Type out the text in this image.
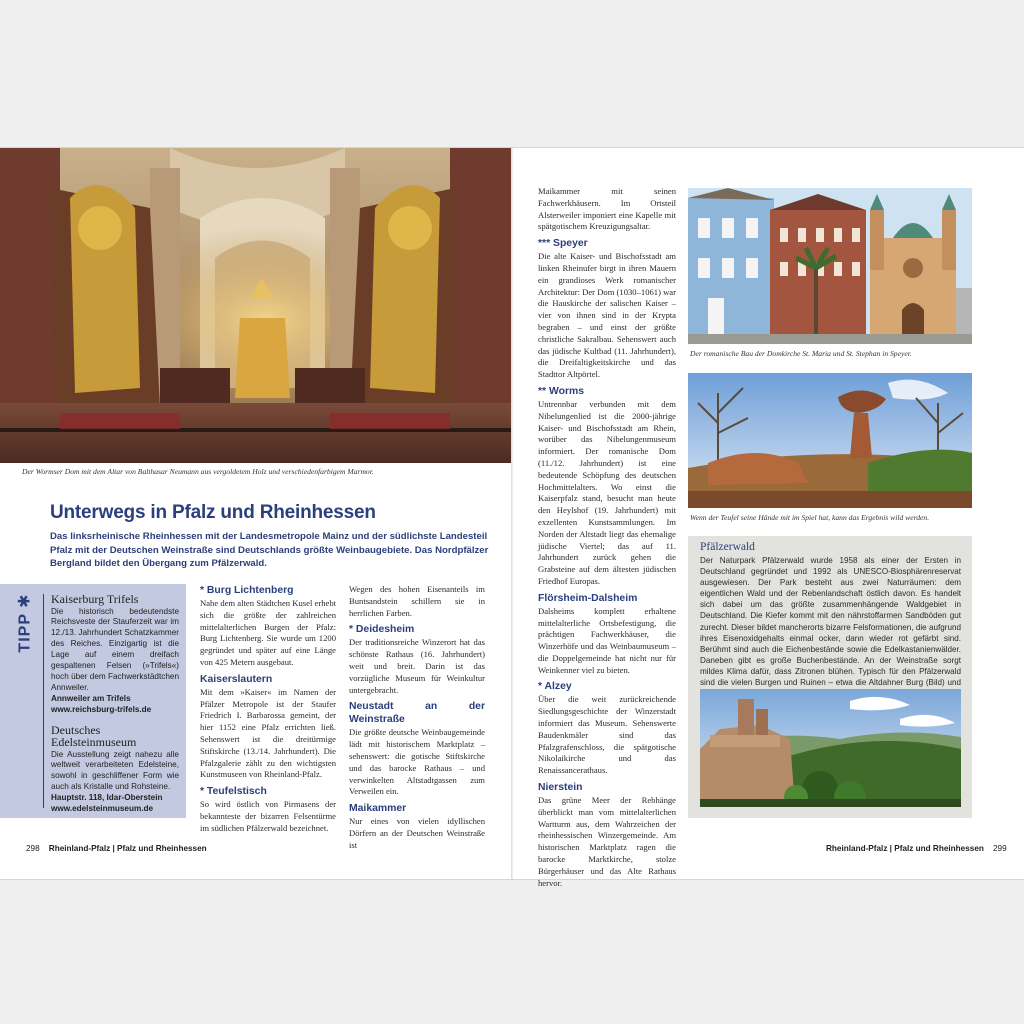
Der Wormser Dom mit dem Altar von Balthasar Neumann aus vergoldetem Holz und verschiedenfarbigem Marmor.
Unterwegs in Pfalz und Rheinhessen
Das linksrheinische Rheinhessen mit der Landesmetropole Mainz und der südlichste Landesteil Pfalz mit der Deutschen Weinstraße sind Deutschlands größte Weinbaugebiete. Das Nordpfälzer Bergland bildet den Übergang zum Pfälzerwald.
TIPP ✱ Kaiserburg Trifels
Die historisch bedeutendste Reichsveste der Stauferzeit war im 12./13. Jahrhundert Schatzkammer des Reiches. Einzigartig ist die Lage auf einem dreifach gespaltenen Felsen (»Trifels«) hoch über dem Fachwerkstädtchen Annweiler.
Annweiler am Trifels
www.reichsburg-trifels.de
Deutsches Edelsteinmuseum
Die Ausstellung zeigt nahezu alle weltweit verarbeiteten Edelsteine, sowohl in geschliffener Form wie auch als Kristalle und Rohsteine.
Hauptstr. 118, Idar-Oberstein
www.edelsteinmuseum.de
* Burg Lichtenberg

Nahe dem alten Städtchen Kusel erhebt sich die größte der zahlreichen mittelalterlichen Burgen der Pfalz: Burg Lichtenberg. Sie wurde um 1200 gegründet und später auf eine Länge von 425 Metern ausgebaut.

Kaiserslautern

Mit dem »Kaiser« im Namen der Pfälzer Metropole ist der Staufer Friedrich I. Barbarossa gemeint, der hier 1152 eine Pfalz errichten ließ. Sehenswert ist die dreitürmige Stiftskirche (13./14. Jahrhundert). Die Pfalzgalerie zählt zu den wichtigsten Kunstmuseen von Rheinland-Pfalz.

* Teufelstisch

So wird östlich von Pirmasens der bekannteste der bizarren Felsentürme im südlichen Pfälzerwald bezeichnet.

Wegen des hohen Eisenanteils im Buntsandstein schillern sie in herrlichen Farben.

* Deidesheim

Der traditionsreiche Winzerort hat das schönste Rathaus (16. Jahrhundert) weit und breit. Darin ist das vorzügliche Museum für Weinkultur untergebracht.

Neustadt an der Weinstraße

Die größte deutsche Weinbaugemeinde lädt mit historischem Marktplatz – sehenswert: die gotische Stiftskirche und das barocke Rathaus – und verwinkelten Altstadtgassen zum Verweilen ein.

Maikammer

Nur eines von vielen idyllischen Dörfern an der Deutschen Weinstraße ist

298 Rheinland-Pfalz | Pfalz und Rheinhessen

Maikammer mit seinen Fachwerkhäusern. Im Ortsteil Alsterweiler imponiert eine Kapelle mit spätgotischem Kreuzigungsaltar.

*** Speyer

Die alte Kaiser- und Bischofsstadt am linken Rheinufer birgt in ihren Mauern ein grandioses Werk romanischer Architektur: Der Dom (1030–1061) war die Hauskirche der salischen Kaiser – vier von ihnen sind in der Krypta begraben – und einst der größte christliche Sakralbau. Sehenswert auch das jüdische Kultbad (11. Jahrhundert), die Dreifaltigkeitskirche und das Stadttor Altpörtel.

** Worms

Untrennbar verbunden mit dem Nibelungenlied ist die 2000-jährige Kaiser- und Bischofsstadt am Rhein, worüber das Nibelungenmuseum informiert. Der romanische Dom (11./12. Jahrhundert) ist eine bedeutende Schöpfung des deutschen Hochmittelalters. Wo einst die Kaiserpfalz stand, besucht man heute den Heylshof (19. Jahrhundert) mit exzellenten Kunstsammlungen. Im Norden der Altstadt liegt das ehemalige jüdische Viertel; das auf 11. Jahrhundert zurück gehen die Grabsteine auf dem ältesten jüdischen Friedhof Europas.

Flörsheim-Dalsheim

Dalsheims komplett erhaltene mittelalterliche Ortsbefestigung, die prächtigen Fachwerkhäuser, die Winzerhöfe und das Weinbaumuseum – die Doppelgemeinde hat nicht nur für Weinkenner viel zu bieten.

* Alzey

Über die weit zurückreichende Siedlungsgeschichte der Winzerstadt informiert das Museum. Sehenswerte Baudenkmäler sind das Pfalzgrafenschloss, die spätgotische Nikolaikirche und das Renaissancerathaus.

Nierstein

Das grüne Meer der Rebhänge überblickt man vom mittelalterlichen Wartturm aus, dem Wahrzeichen der rheinhessischen Winzergemeinde. Am historischen Marktplatz ragen die barocke Marktkirche, stolze Bürgerhäuser und das Alte Rathaus hervor.

Der romanische Bau der Domkirche St. Maria und St. Stephan in Speyer.
Wenn der Teufel seine Hände mit im Spiel hat, kann das Ergebnis wild werden.
Pfälzerwald
Der Naturpark Pfälzerwald wurde 1958 als einer der Ersten in Deutschland gegründet und 1992 als UNESCO-Biosphärenreservat ausgewiesen. Der Park besteht aus zwei Naturräumen: dem eigentlichen Wald und der Rebenlandschaft östlich davon. Es handelt sich dabei um das größte zusammenhängende Waldgebiet in Deutschland. Die Kiefer kommt mit den nährstoffarmen Sandböden gut zurecht. Dieser bildet mancherorts bizarre Felsformationen, die aufgrund ihres Eisenoxidgehalts einmal ocker, dann wieder rot gefärbt sind. Berühmt sind auch die Eichenbestände sowie die Edelkastanienwälder. Daneben gibt es große Buchenbestände. An der Weinstraße sorgt mildes Klima dafür, dass Zitronen blühen. Typisch für den Pfälzerwald sind die vielen Burgen und Ruinen – etwa die Altdahner Burg (Bild) und
Rheinland-Pfalz | Pfalz und Rheinhessen 299
